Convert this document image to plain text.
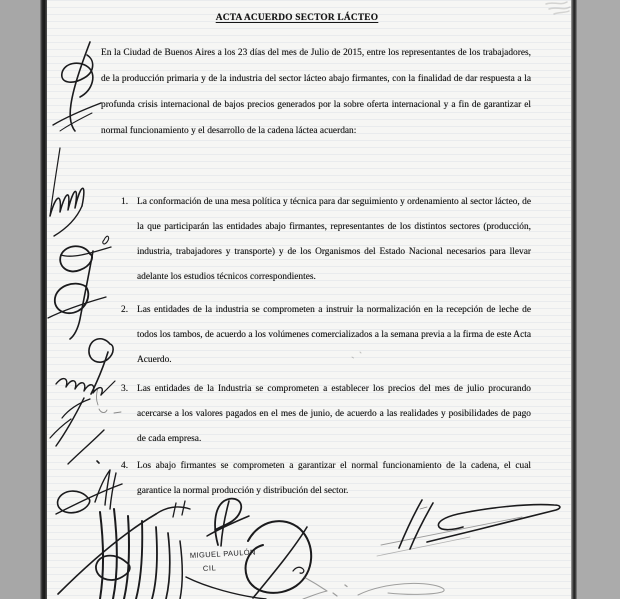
ACTA ACUERDO SECTOR LÁCTEO
En la Ciudad de Buenos Aires a los 23 días del mes de Julio de 2015, entre los representantes de los trabajadores, de la producción primaria y de la industria del sector lácteo abajo firmantes, con la finalidad de dar respuesta a la profunda crisis internacional de bajos precios generados por la sobre oferta internacional y a fin de garantizar el normal funcionamiento y el desarrollo de la cadena láctea acuerdan:
1. La conformación de una mesa política y técnica para dar seguimiento y ordenamiento al sector lácteo, de la que participarán las entidades abajo firmantes, representantes de los distintos sectores (producción, industria, trabajadores y transporte) y de los Organismos del Estado Nacional necesarios para llevar adelante los estudios técnicos correspondientes.
2. Las entidades de la industria se comprometen a instruir la normalización en la recepción de leche de todos los tambos, de acuerdo a los volúmenes comercializados a la semana previa a la firma de este Acta Acuerdo.
3. Las entidades de la Industria se comprometen a establecer los precios del mes de julio procurando acercarse a los valores pagados en el mes de junio, de acuerdo a las realidades y posibilidades de pago de cada empresa.
4. Los abajo firmantes se comprometen a garantizar el normal funcionamiento de la cadena, el cual garantice la normal producción y distribución del sector.
MIGUEL PAULÓN
CIL
